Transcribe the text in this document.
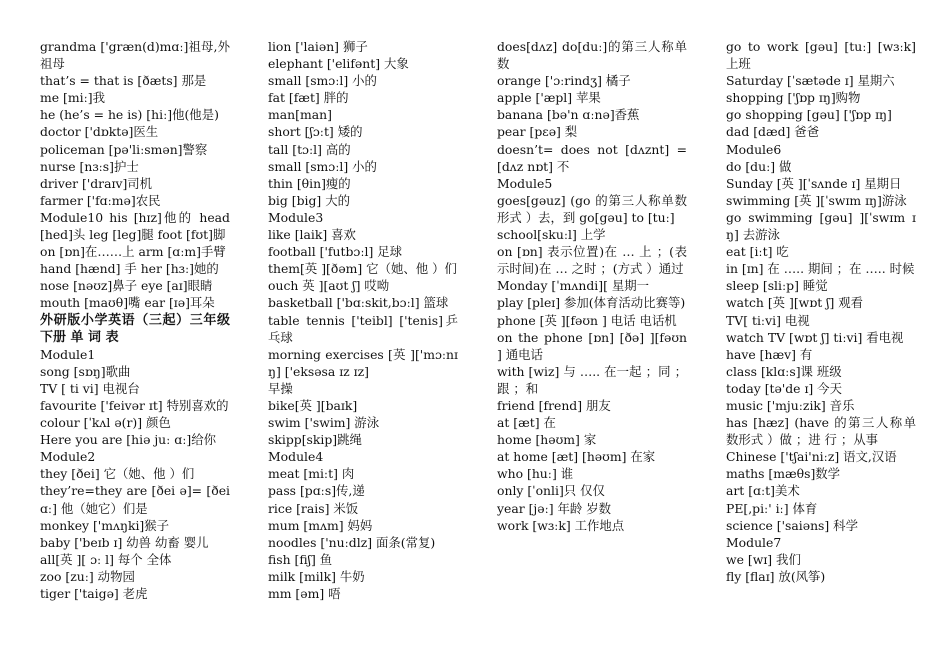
grandma ['græn(d)mɑː]祖母,外祖母
that’s = that is [ðæts] 那是
me [miː]我
he (he’s = he is) [hiː]他(他是)
doctor ['dɒktə]医生
policeman [pə'liːsmən]警察
nurse [nɜːs]护士
driver ['draɪv]司机
farmer ['fɑːmə]农民
Module10 his [hɪz]他的 head [hed]头 leg [leg]腿 foot [fʊt]脚
on [ɒn]在……上 arm [ɑːm]手臂
hand [hænd] 手 her [hɜː]她的
nose [nəʊz]鼻子 eye [aɪ]眼睛
mouth [maʊθ]嘴 ear [ɪə]耳朵
外研版小学英语（三起）三年级下册 单 词 表
Module1
song [sɒŋ]歌曲
TV [ ti vi] 电视台
favourite ['feivər ɪt] 特别喜欢的
colour [ˈkʌl ə(r)] 颜色
Here you are [hiə juː ɑː]给你
Module2
they [ðei] 它（她、他 ）们
they’re=they are [ðei ə]= [ðei ɑː] 他（她它）们是
monkey ['mʌŋki]猴子
baby ['beɪb ɪ] 幼兽 幼畜 婴儿
all[英 ][ ɔː l] 每个 全体
zoo [zuː] 动物园
tiger ['taigə] 老虎
lion ['laiən] 狮子
elephant ['elifənt] 大象
small [smɔːl] 小的
fat [fæt] 胖的
man[man]
short [ʃɔːt] 矮的
tall [tɔːl] 高的
small [smɔːl] 小的
thin [θin]瘦的
big [big] 大的
Module3
like [laik] 喜欢
football ['futbɔːl] 足球
them[英 ][ðəm] 它（她、他 ）们
ouch 英 ][aʊt ʃ] 哎呦
basketball ['bɑːskit,bɔːl] 篮球
table tennis ['teibl] ['tenis]乒乓球
morning exercises [英 ]['mɔːnɪŋ] ['eksəsa ɪz ɪz]
早操
bike[英 ][baɪk]
swim ['swim] 游泳
skipp[skip]跳绳
Module4
meat [miːt] 肉
pass [pɑːs]传,递
rice [rais] 米饭
mum [mʌm] 妈妈
noodles ['nuːdlz] 面条(常复)
fish [fiʃ] 鱼
milk [milk] 牛奶
mm [əm] 唔
does[dʌz] do[duː]的第三人称单数
orange ['ɔːrindʒ] 橘子
apple ['æpl] 苹果
banana [bə'n ɑːnə]香蕉
pear [pɛə] 梨
doesn’t= does not [dʌznt] = [dʌz nɒt] 不
Module5
goes[gəuz] (go 的第三人称单数形式 ）去，到 go[gəu] to [tuː]
school[skuːl] 上学
on [ɒn] 表示位置)在 … 上 ；(表示时间)在 … 之时 ；(方式 ）通过
Monday [ˈmʌndi][ 星期一
play [pleɪ] 参加(体育活动比赛等)
phone [英 ][fəʊn ] 电话 电话机
on the phone [ɒn] [ðə] ][fəʊn ] 通电话
with [wiz] 与 ….. 在一起 ；同 ；跟 ；和
friend [frend] 朋友
at [æt] 在
home [həʊm] 家
at home [æt] [həʊm] 在家
who [huː] 谁
only [ˈonli]只 仅仅
year [jəː] 年龄 岁数
work [wɜːk] 工作地点
go to work [gəu] [tuː] [wɜːk] 上班
Saturday [ˈsætəde ɪ] 星期六
shopping ['ʃɒp ɪŋ]购物
go shopping [gəu] ['ʃɒp ɪŋ]
dad [dæd] 爸爸
Module6
do [duː] 做
Sunday [英 ][ˈsʌnde ɪ] 星期日
swimming [英 ][ˈswɪm ɪŋ]游泳
go swimming [gəu] ][ˈswɪm ɪŋ] 去游泳
eat [iːt] 吃
in [ɪn] 在 ….. 期间 ；在 ….. 时候
sleep [sliːp] 睡觉
watch [英 ][wɒt ʃ] 观看
TV[ tiːvi] 电视
watch TV [wɒt ʃ] tiːvi] 看电视
have [hæv] 有
class [klɑːs]课 班级
today [tə'de ɪ] 今天
music ['mjuːzik] 音乐
has [hæz] (have 的第三人称单数形式 ）做 ；进 行 ；从事
Chinese ['tʃai'niːz] 语文,汉语
maths [mæθs]数学
art [ɑːt]美术
PE[,piː' iː] 体育
science ['saiəns] 科学
Module7
we [wɪ] 我们
fly [flaɪ] 放(风筝)
